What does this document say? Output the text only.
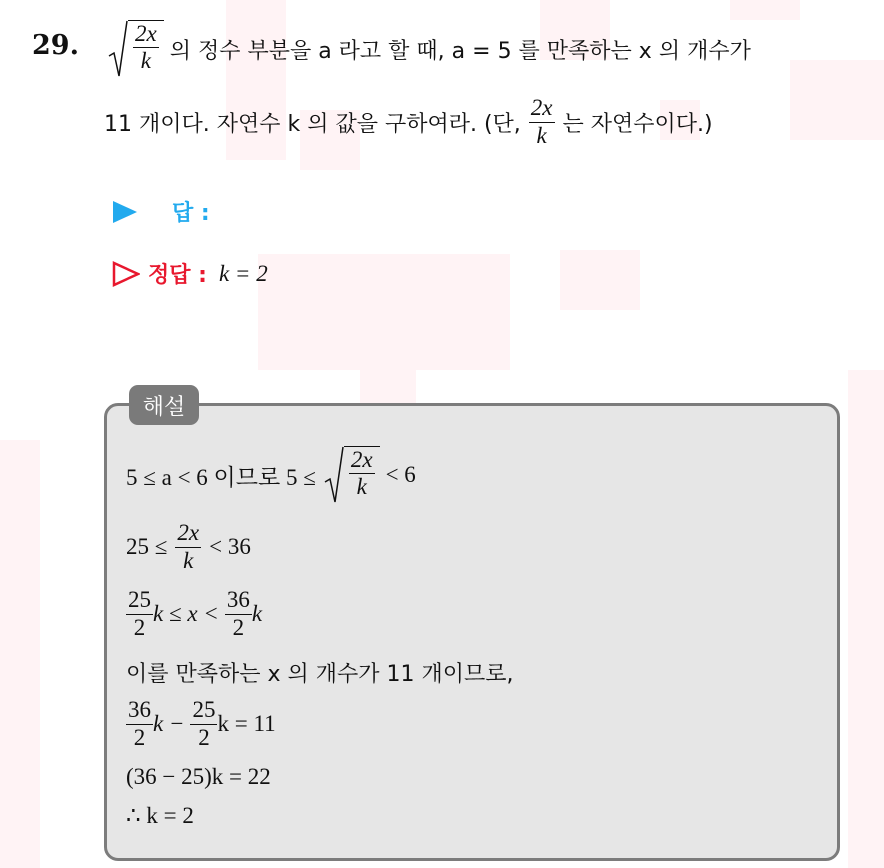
29. $\frac{2x}{k}$ 의 정수 부분을 a 라고 할 때, a = 5 를 만족하는 x 의 개수가
11 개이다. 자연수 k 의 값을 구하여라. (단, $\frac{2x}{k}$ 는 자연수이다.)
답 :
정답 : k = 2
해설
5 ≤ a < 6 이므로 $5 \le \frac{2x}{k} < 6$
$25 \le \frac{2x}{k} < 36$
$\frac{25}{2}$ $k \le x < \frac{36}{2}$ k
이를 만족하는 x 의 개수가 11 개이므로,
$\frac{36}{2}$ $k - \frac{25}{2}$ k = 11
(36 − 25)k = 22
∴ k = 2
